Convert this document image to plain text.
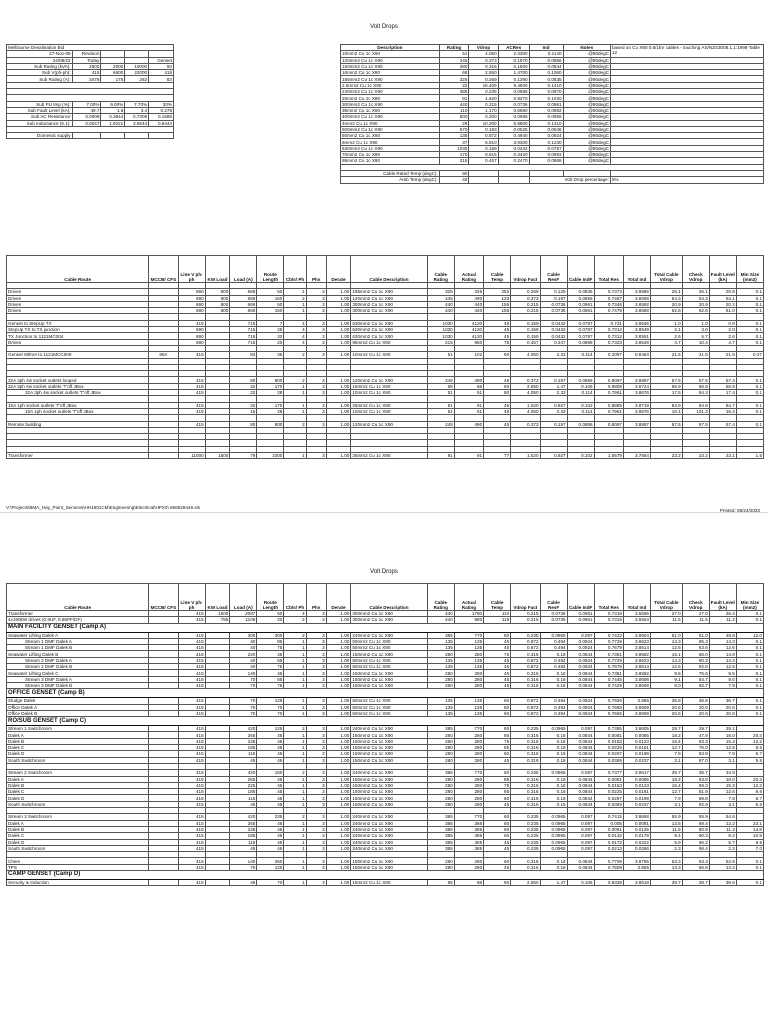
Volt Drops
Melbourne Desalination Bid				
27-Nov-08	Revision			
24/08/23	Today			Genset
Sub Rating (kVA):	2500	2000	10000	60
Sub V(ph-ph):	415	6600	22000	415
Sub Rating (A):	3478	175	262	83

Sub PU Imp (%):	7.00%	9.00%	7.70%	30%
Sub Fault Level (kA):	49.7	1.9	3.4	0.278
Sub AC Resistance	0.0009	0.3844	0.7309	0.1689
Sub Inductance (5.1):	0.0047	1.9221	3.6544	0.8444

Domestic supply				
Description	Rating	Vdrop	ACRes	Ind	Notes	based on Cu X90 0.6/1kV cables - touching AS/NZS3008.1.1:1998-Table 12
10mm2 Cu 1c X90	51	4.050	2.3300	0.1140	@90degC	
120mm2 Cu 1c X90	245	0.373	0.1970	0.0856	@90degC	
150mm2 Cu 1c X90	280	0.316	0.1600	0.0844	@90degC	
16mm2 Cu 1c X90	68	2.550	1.4700	0.1060	@90degC	
185mm2 Cu 1c X90	325	0.269	0.1290	0.0835	@90degC	
2.5mm2 Cu 1c X90	22	16.400	9.4500	0.1410	@90degC	
240mm2 Cu 1c X90	385	0.235	0.0965	0.0970	@90degC	
25mm2 Cu 1c X90	91	1.620	0.9270	0.1020	@90degC	
300mm2 Cu 1c X90	440	0.215	0.0736	0.0961	@90degC	
35mm2 Cu 1c X90	110	1.170	0.6680	0.0982	@90degC	
400mm2 Cu 1c X90	500	0.200	0.0595	0.0955	@90degC	
4mm2 Cu 1c X90	29	10.200	5.8800	0.1310	@90degC	
500mm2 Cu 1c X90	570	0.193	0.0525	0.0948	@90degC	
50mm2 Cu 1c X90	135	0.872	0.4940	0.0924	@90degC	
6mm2 Cu 1c X90	37	6.810	3.9300	0.1230	@90degC	
630mm2 Cu 1c X90	1030	0.159	0.0432	0.0787	@90degC	
70mm2 Cu 1c X90	170	0.615	0.3420	0.0893	@90degC	
95mm2 Cu 1c X90	215	0.457	0.2470	0.0868	@90degC	

Cable Rated Temp (degC):	90					
Amb Temp (degC):	40			Volt Drop percentage:		5%
Cable Route	MCCB/ CFS	Line V ph-ph	KW Load	Load (A)	Route Length	Cbls/ Ph	Phs	Derate	Cable Description	Cable Rating	Actual Rating	Cable Temp	Vdrop Fact	Cable ResF	Cable IndF	Total Res	Total Ind	Total Cable Vdrop	Check Vdrop	Fault Level (kA)	Min Size (mm2)

Drives		690	800	669	50	1	3	1.00	185mm2 Cu 1c X90	325	325	252	0.269	0.129	0.0835	0.7373	3.8586	26.1	26.1	25.8	0.1
Drives		690	800	669	150	2	3	1.00	120mm2 Cu 1c X90	245	490	133	0.373	0.197	0.0856	0.7457	3.8608	54.3	54.3	54.1	0.1
Drives		690	800	669	50	1	3	1.00	300mm2 Cu 1c X90	440	440	156	0.215	0.0736	0.0961	0.7346	3.8592	20.9	20.9	20.3	0.1
Drives		690	800	669	150	1	3	1.00	300mm2 Cu 1c X90	440	440	156	0.215	0.0736	0.0961	0.7479	3.8688	62.6	62.6	61.0	0.1

Genset to StepUp TX		415		715	7	4	3	1.00	630mm2 Cu 1c X90	1030	4120	45	0.159	0.0432	0.0787	0.731	3.8546	1.0	1.0	0.9	0.1
StepUp TX to TX junction		690		715	25	4	3	1.00	630mm2 Cu 1c X90	1030	4120	45	0.159	0.0432	0.0787	0.7312	3.8549	2.1	3.0	2.0	0.1
TX Junction to 1121MC004		690		715	32	4	3	1.00	630mm2 Cu 1c X90	1030	4120	45	0.159	0.0432	0.0787	0.7312	3.8551	2.6	5.7	2.6	0.1
Drives		690		715	20	4	3	1.00	95mm2 Cu 1c X90	215	860	75	0.457	0.247	0.0868	0.7323	3.8549	4.7	10.4	4.7	0.1

Genset 60kVA to 1121MCC009	80A	415		83	35	2	3	1.00	10mm2 Cu 1c X90	51	102	60	4.050	2.33	0.114	0.2097	0.8464	21.5	21.5	21.5	0.27

32A 3ph 4w socket outlets looped		415		80	800	2	3	1.00	120mm2 Cu 1c X90	245	490	45	0.373	0.197	0.0856	0.8097	3.8887	57.5	57.5	57.4	0.1
32A 3ph 4w socket outlets 'T'off JBox		415		32	170	1	3	1.00	16mm2 Cu 1c X90	68	68	60	2.550	1.47	0.106	0.9808	3.6724	66.9	66.9	66.9	0.1
32A 3ph 4w socket outlets 'T'off JBox		415		32	28	1	3	1.00	10mm2 Cu 1c X90	51	51	60	4.050	2.33	0.114	0.7961	3.8676	17.5	84.3	17.4	0.1

15A 1ph socket outlets 'T'off JBox		415		32	170	1	3	1.00	25mm2 Cu 1c X90	91	91	45	1.620	0.927	0.102	0.8885	3.8718	84.9	84.9	84.7	0.1
15A 1ph socket outlets 'T'off JBox		415		15	28	1	3	1.00	10mm2 Cu 1c X90	51	51	45	4.050	2.33	0.114	0.7961	3.8676	16.4	101.3	16.4	0.1

Remote building		415		80	800	2	3	1.00	120mm2 Cu 1c X90	245	490	45	0.373	0.197	0.0856	0.8097	3.8887	57.5	57.5	57.4	0.1

Transformer		11000	1500	79	1000	1	3	1.00	25mm2 Cu 1c X90	91	91	77	1.620	0.927	0.102	1.6579	3.7564	23.2	23.2	23.1	1.5
V:\Projects\BMA_Hay_Point_Services\HH1801CM\Engineering\Electrical\HPX3\ 686929449.xls
Printed: 08/24/2023
Volt Drops
Cable Route	MCCB/ CFS	Line V ph-ph	KW Load	Load (A)	Route Length	Cbls/ Ph	Phs	Derate	Cable Description	Cable Rating	Actual Rating	Cable Temp	Vdrop Fact	Cable ResF	Cable IndF	Total Res	Total Ind	Total Cable Vdrop	Check Vdrop	Fault Level (kA)	Min Size (mm2)
Transformer		415	1500	2087	50	4	3	1.00	300mm2 Cu 1c X90	440	1760	110	0.215	0.0736	0.0961	0.7318	3.5556	27.0	27.0	26.4	0.1
4x190kW drives (0.9UF, 0.86PF/DF)		415	795	1106	20	2	3	1.00	300mm2 Cu 1c X90	440	880	119	0.215	0.0736	0.0961	0.7318	3.5554	11.5	11.5	11.2	0.1
MAIN FACILITY GENSET (Camp A)																					
Seawater Lifting Dalek A		415		300	300	2	3	1.00	240mm2 Cu 1c X90	385	770	60	0.235	0.0965	0.097	0.7422	3.8604	51.0	51.0	49.8	12.0
Stream 1 DMF Dalek A		415		40	85	1	3	1.00	50mm2 Cu 1c X90	135	135	45	0.872	0.494	0.0924	0.7729	3.8623	14.3	65.3	14.3	0.1
Stream 1 DMF Dalek B		415		40	75	1	3	1.00	50mm2 Cu 1c X90	135	135	45	0.872	0.494	0.0924	0.7679	3.8614	12.6	63.6	12.6	0.1
Seawater Lifting Dalek B		415		220	45	1	3	1.00	150mm2 Cu 1c X90	280	280	75	0.316	0.16	0.0844	0.7381	3.8582	15.1	66.0	14.9	0.1
Stream 2 DMF Dalek A		415		40	85	1	3	1.00	50mm2 Cu 1c X90	135	135	45	0.872	0.494	0.0924	0.7729	3.8623	14.3	80.3	14.3	0.1
Stream 2 DMF Dalek B		415		40	75	1	3	1.00	50mm2 Cu 1c X90	135	135	45	0.872	0.494	0.0924	0.7679	3.8614	12.6	92.9	12.6	0.1
Seawater Lifting Dalek C		415		140	45	1	3	1.00	150mm2 Cu 1c X90	280	280	45	0.316	0.16	0.0844	0.7381	3.8582	9.6	75.6	9.5	0.1
Stream 3 DMF Dalek A		415		70	85	1	3	1.00	150mm2 Cu 1c X90	280	280	45	0.316	0.16	0.0844	0.7445	3.8606	9.1	84.7	9.0	0.1
Stream 3 DMF Dalek B		415		70	75	1	3	1.00	150mm2 Cu 1c X90	280	280	45	0.316	0.16	0.0844	0.7429	3.8608	8.0	92.7	7.9	0.1
OFFICE GENSET (Camp B)																					
Sludge Dalek		415		70	125	1	3	1.00	50mm2 Cu 1c X90	135	135	60	0.872	0.494	0.0924	0.7926	3.866	36.8	36.8	36.7	0.1
Office Dalek A		415		70	70	1	3	1.00	50mm2 Cu 1c X90	135	135	60	0.872	0.494	0.0924	0.7655	3.8609	20.6	20.6	20.6	0.1
Office Dalek B		415		70	70	1	3	1.00	50mm2 Cu 1c X90	135	135	60	0.872	0.494	0.0924	0.7655	3.8609	20.6	20.6	20.6	0.1
RO/SUB GENSET (Camp C)																					
Stream 1 Switchroom		415		420	125	2	3	1.00	240mm2 Cu 1c X90	385	770	60	0.235	0.0965	0.097	0.7385	3.8605	29.7	29.7	29.1	
Dalek A		415		265	45	1	3	1.00	150mm2 Cu 1c X90	280	280	85	0.316	0.16	0.0844	0.0081	0.0085	18.2	47.9	18.0	20.3
Dalek B		415		225	45	1	3	1.00	150mm2 Cu 1c X90	280	280	75	0.316	0.16	0.0844	0.0153	0.0123	15.4	63.3	15.3	12.2
Dalek C		415		185	45	1	3	1.00	150mm2 Cu 1c X90	280	280	65	0.316	0.16	0.0844	0.0225	0.0161	12.7	76.0	12.6	8.6
Dalek D		415		115	45	1	3	1.00	150mm2 Cu 1c X90	280	280	60	0.316	0.16	0.0844	0.0297	0.0199	7.9	83.9	7.8	6.7
South Switchroom		415		45	45	1	3	1.00	150mm2 Cu 1c X90	280	280	45	0.316	0.16	0.0844	0.0369	0.0237	3.1	87.0	3.1	5.5

Stream 2 Switchroom		415		420	150	2	3	1.00	240mm2 Cu 1c X90	385	770	60	0.235	0.0965	0.097	0.7377	3.8617	35.7	35.7	34.9	
Dalek A		415		265	45	1	3	1.00	150mm2 Cu 1c X90	280	280	85	0.316	0.16	0.0844	0.0081	0.0085	18.2	53.8	18.0	20.3
Dalek B		415		225	45	1	3	1.00	150mm2 Cu 1c X90	280	280	75	0.316	0.16	0.0844	0.0153	0.0123	15.4	69.3	15.3	12.2
Dalek C		415		185	45	1	3	1.00	150mm2 Cu 1c X90	280	280	65	0.316	0.16	0.0844	0.0225	0.0161	12.7	81.9	12.6	8.6
Dalek D		415		115	45	1	3	1.00	150mm2 Cu 1c X90	280	280	60	0.316	0.16	0.0844	0.0297	0.0199	7.9	89.8	7.8	6.7
South Switchroom		415		45	45	1	3	1.00	150mm2 Cu 1c X90	280	280	45	0.316	0.16	0.0844	0.0369	0.0237	3.1	92.9	3.1	5.5

Stream 3 Switchroom		415		420	235	2	3	1.00	240mm2 Cu 1c X90	385	770	60	0.235	0.0965	0.097	0.7415	3.8658	55.9	55.9	54.6	
Dalek A		415		265	45	1	3	1.00	240mm2 Cu 1c X90	385	385	60	0.235	0.0965	0.097	0.005	0.0091	13.5	69.4	13.2	23.1
Dalek B		415		225	45	1	3	1.00	240mm2 Cu 1c X90	385	385	60	0.235	0.0965	0.097	0.0091	0.0135	11.5	80.9	11.2	14.8
Dalek C		415		185	45	1	3	1.00	240mm2 Cu 1c X90	385	385	60	0.235	0.0965	0.097	0.0132	0.0178	9.4	90.3	9.2	10.9
Dalek D		415		115	45	1	3	1.00	240mm2 Cu 1c X90	385	385	45	0.235	0.0965	0.097	0.0172	0.0222	5.9	96.2	5.7	8.5
South Switchroom		415		45	45	1	3	1.00	240mm2 Cu 1c X90	385	385	45	0.235	0.0965	0.097	0.0213	0.0266	2.3	98.4	2.2	7.0

Chem		415		140	250	1	3	1.00	150mm2 Cu 1c X90	280	280	60	0.316	0.16	0.0844	0.7709	3.8755	53.3	53.3	52.8	0.1
TPS		415		70	125	1	3	1.00	150mm2 Cu 1c X90	280	280	45	0.316	0.16	0.0844	0.7509	3.865	13.3	66.6	13.2	0.1
CAMP GENSET (Camp D)																					
Security & Induction		415		45	70	1	3	1.00	16mm2 Cu 1c X90	68	68	60	2.550	1.47	0.106	0.8338	3.8618	38.7	38.7	38.6	0.1
